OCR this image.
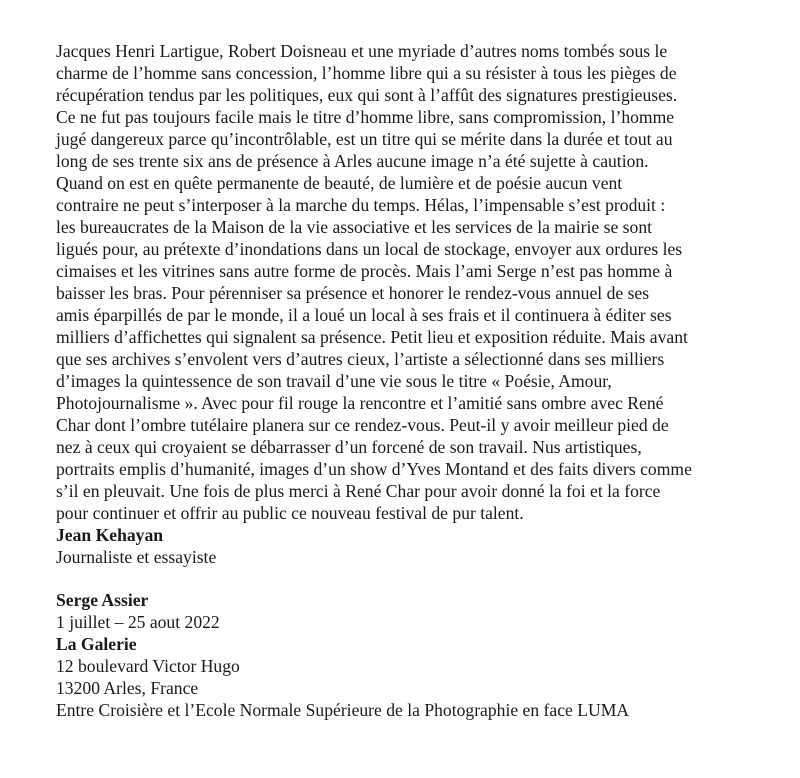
Jacques Henri Lartigue, Robert Doisneau et une myriade d’autres noms tombés sous le
charme de l’homme sans concession, l’homme libre qui a su résister à tous les pièges de
récupération tendus par les politiques, eux qui sont à l’affût des signatures prestigieuses.
Ce ne fut pas toujours facile mais le titre d’homme libre, sans compromission, l’homme
jugé dangereux parce qu’incontrôlable, est un titre qui se mérite dans la durée et tout au
long de ses trente six ans de présence à Arles aucune image n’a été sujette à caution.
Quand on est en quête permanente de beauté, de lumière et de poésie aucun vent
contraire ne peut s’interposer à la marche du temps. Hélas, l’impensable s’est produit :
les bureaucrates de la Maison de la vie associative et les services de la mairie se sont
ligués pour, au prétexte d’inondations dans un local de stockage, envoyer aux ordures les
cimaises et les vitrines sans autre forme de procès. Mais l’ami Serge n’est pas homme à
baisser les bras. Pour pérenniser sa présence et honorer le rendez-vous annuel de ses
amis éparpillés de par le monde, il a loué un local à ses frais et il continuera à éditer ses
milliers d’affichettes qui signalent sa présence. Petit lieu et exposition réduite. Mais avant
que ses archives s’envolent vers d’autres cieux, l’artiste a sélectionné dans ses milliers
d’images la quintessence de son travail d’une vie sous le titre « Poésie, Amour,
Photojournalisme ». Avec pour fil rouge la rencontre et l’amitié sans ombre avec René
Char dont l’ombre tutélaire planera sur ce rendez-vous. Peut-il y avoir meilleur pied de
nez à ceux qui croyaient se débarrasser d’un forcené de son travail. Nus artistiques,
portraits emplis d’humanité, images d’un show d’Yves Montand et des faits divers comme
s’il en pleuvait. Une fois de plus merci à René Char pour avoir donné la foi et la force
pour continuer et offrir au public ce nouveau festival de pur talent.
Jean Kehayan
Journaliste et essayiste
Serge Assier
1 juillet – 25 aout 2022
La Galerie
12 boulevard Victor Hugo
13200 Arles, France
Entre Croisière et l’Ecole Normale Supérieure de la Photographie en face LUMA
